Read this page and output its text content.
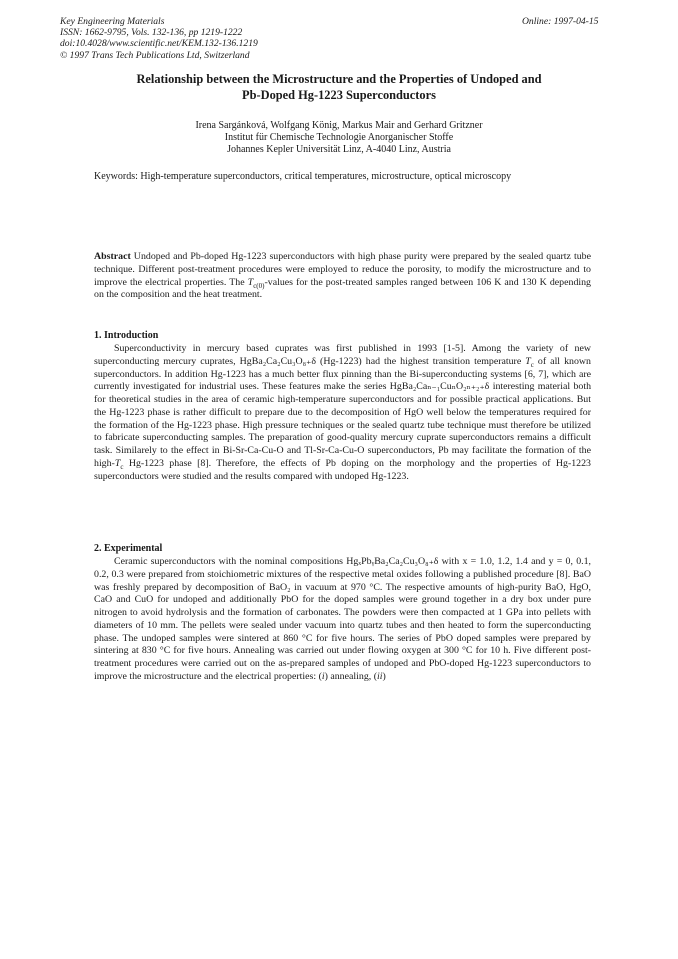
Key Engineering Materials
ISSN: 1662-9795, Vols. 132-136, pp 1219-1222
doi:10.4028/www.scientific.net/KEM.132-136.1219
© 1997 Trans Tech Publications Ltd, Switzerland
Online: 1997-04-15
Relationship between the Microstructure and the Properties of Undoped and
Pb-Doped Hg-1223 Superconductors
Irena Sargánková, Wolfgang König, Markus Mair and Gerhard Gritzner
Institut für Chemische Technologie Anorganischer Stoffe
Johannes Kepler Universität Linz, A-4040 Linz, Austria
Keywords: High-temperature superconductors, critical temperatures, microstructure, optical microscopy
Abstract Undoped and Pb-doped Hg-1223 superconductors with high phase purity were prepared by the sealed quartz tube technique. Different post-treatment procedures were employed to reduce the porosity, to modify the microstructure and to improve the electrical properties. The $T_{c(0)}$-values for the post-treated samples ranged between 106 K and 130 K depending on the composition and the heat treatment.
1. Introduction
Superconductivity in mercury based cuprates was first published in 1993 [1-5]. Among the variety of new superconducting mercury cuprates, HgBa₂Ca₂Cu₃O₈₊δ (Hg-1223) had the highest transition temperature $T_c$ of all known superconductors. In addition Hg-1223 has a much better flux pinning than the Bi-superconducting systems [6, 7], which are currently investigated for industrial uses. These features make the series HgBa₂Caₙ₋₁CuₙO₂ₙ₊₂₊δ interesting material both for theoretical studies in the area of ceramic high-temperature superconductors and for possible practical applications. But the Hg-1223 phase is rather difficult to prepare due to the decomposition of HgO well below the temperatures required for the formation of the Hg-1223 phase. High pressure techniques or the sealed quartz tube technique must therefore be utilized to fabricate superconducting samples. The preparation of good-quality mercury cuprate superconductors remains a difficult task. Similarely to the effect in Bi-Sr-Ca-Cu-O and Tl-Sr-Ca-Cu-O superconductors, Pb may facilitate the formation of the high-$T_c$ Hg-1223 phase [8]. Therefore, the effects of Pb doping on the morphology and the properties of Hg-1223 superconductors were studied and the results compared with undoped Hg-1223.
2. Experimental
Ceramic superconductors with the nominal compositions HgₓPbᵧBa₂Ca₂Cu₃O₈₊δ with x = 1.0, 1.2, 1.4 and y = 0, 0.1, 0.2, 0.3 were prepared from stoichiometric mixtures of the respective metal oxides following a published procedure [8]. BaO was freshly prepared by decomposition of BaO₂ in vacuum at 970 °C. The respective amounts of high-purity BaO, HgO, CaO and CuO for undoped and additionally PbO for the doped samples were ground together in a dry box under pure nitrogen to avoid hydrolysis and the formation of carbonates. The powders were then compacted at 1 GPa into pellets with diameters of 10 mm. The pellets were sealed under vacuum into quartz tubes and then heated to form the superconducting phase. The undoped samples were sintered at 860 °C for five hours. The series of PbO doped samples were prepared by sintering at 830 °C for five hours. Annealing was carried out under flowing oxygen at 300 °C for 10 h. Five different post-treatment procedures were carried out on the as-prepared samples of undoped and PbO-doped Hg-1223 superconductors to improve the microstructure and the electrical properties: (i) annealing, (ii)
